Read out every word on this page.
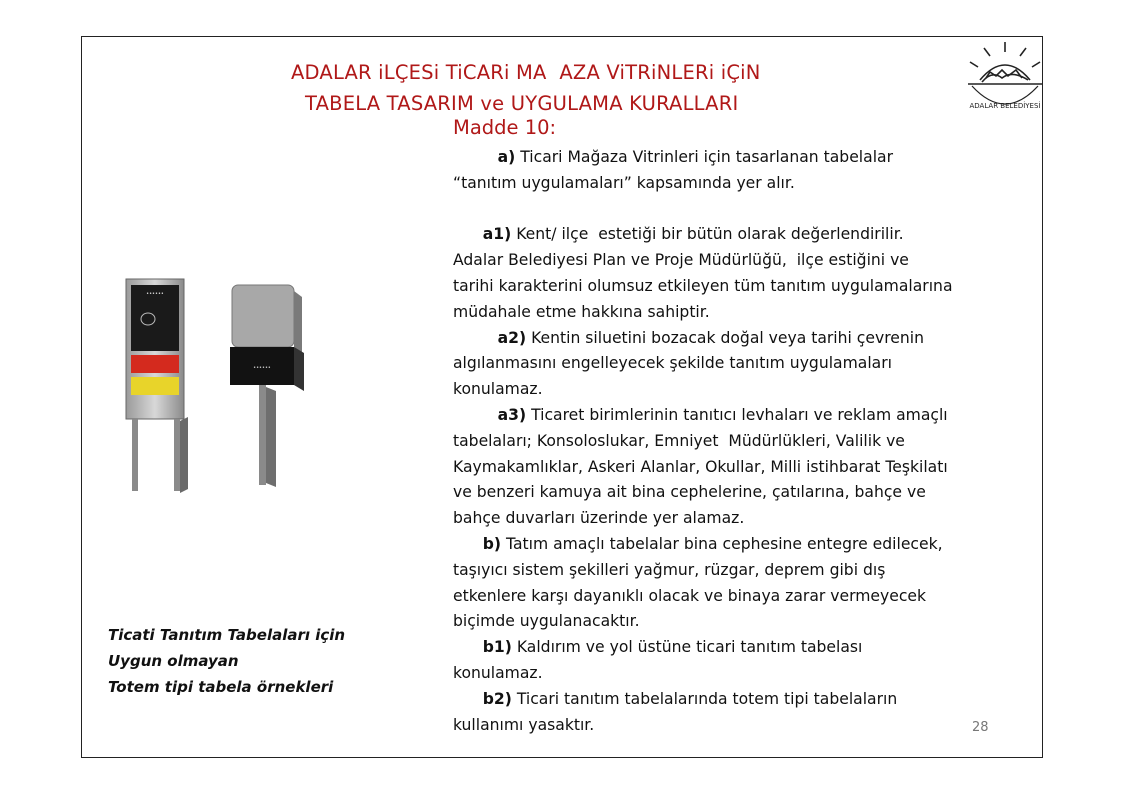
ADALAR iLÇESi TiCARi MA  AZA ViTRiNLERi iÇiN
TABELA TASARIM ve UYGULAMA KURALLARI	ADALAR BELEDİYESİ
Madde 10:
a) Ticari Mağaza Vitrinleri için tasarlanan tabelalar
“tanıtım uygulamaları” kapsamında yer alır.
a1) Kent/ ilçe  estetiği bir bütün olarak değerlendirilir.
Adalar Belediyesi Plan ve Proje Müdürlüğü,  ilçe estiğini ve
tarihi karakterini olumsuz etkileyen tüm tanıtım uygulamalarına
müdahale etme hakkına sahiptir.
a2) Kentin siluetini bozacak doğal veya tarihi çevrenin
algılanmasını engelleyecek şekilde tanıtım uygulamaları
konulamaz.
a3) Ticaret birimlerinin tanıtıcı levhaları ve reklam amaçlı
tabelaları; Konsoloslukar, Emniyet  Müdürlükleri, Valilik ve
Kaymakamlıklar, Askeri Alanlar, Okullar, Milli istihbarat Teşkilatı
ve benzeri kamuya ait bina cephelerine, çatılarına, bahçe ve
bahçe duvarları üzerinde yer alamaz.
b) Tatım amaçlı tabelalar bina cephesine entegre edilecek,
taşıyıcı sistem şekilleri yağmur, rüzgar, deprem gibi dış
etkenlere karşı dayanıklı olacak ve binaya zarar vermeyecek
biçimde uygulanacaktır.
b1) Kaldırım ve yol üstüne ticari tanıtım tabelası
konulamaz.
b2) Ticari tanıtım tabelalarında totem tipi tabelaların
kullanımı yasaktır.
••••••
••••••
Ticati Tanıtım Tabelaları için
Uygun olmayan
Totem tipi tabela örnekleri
28
